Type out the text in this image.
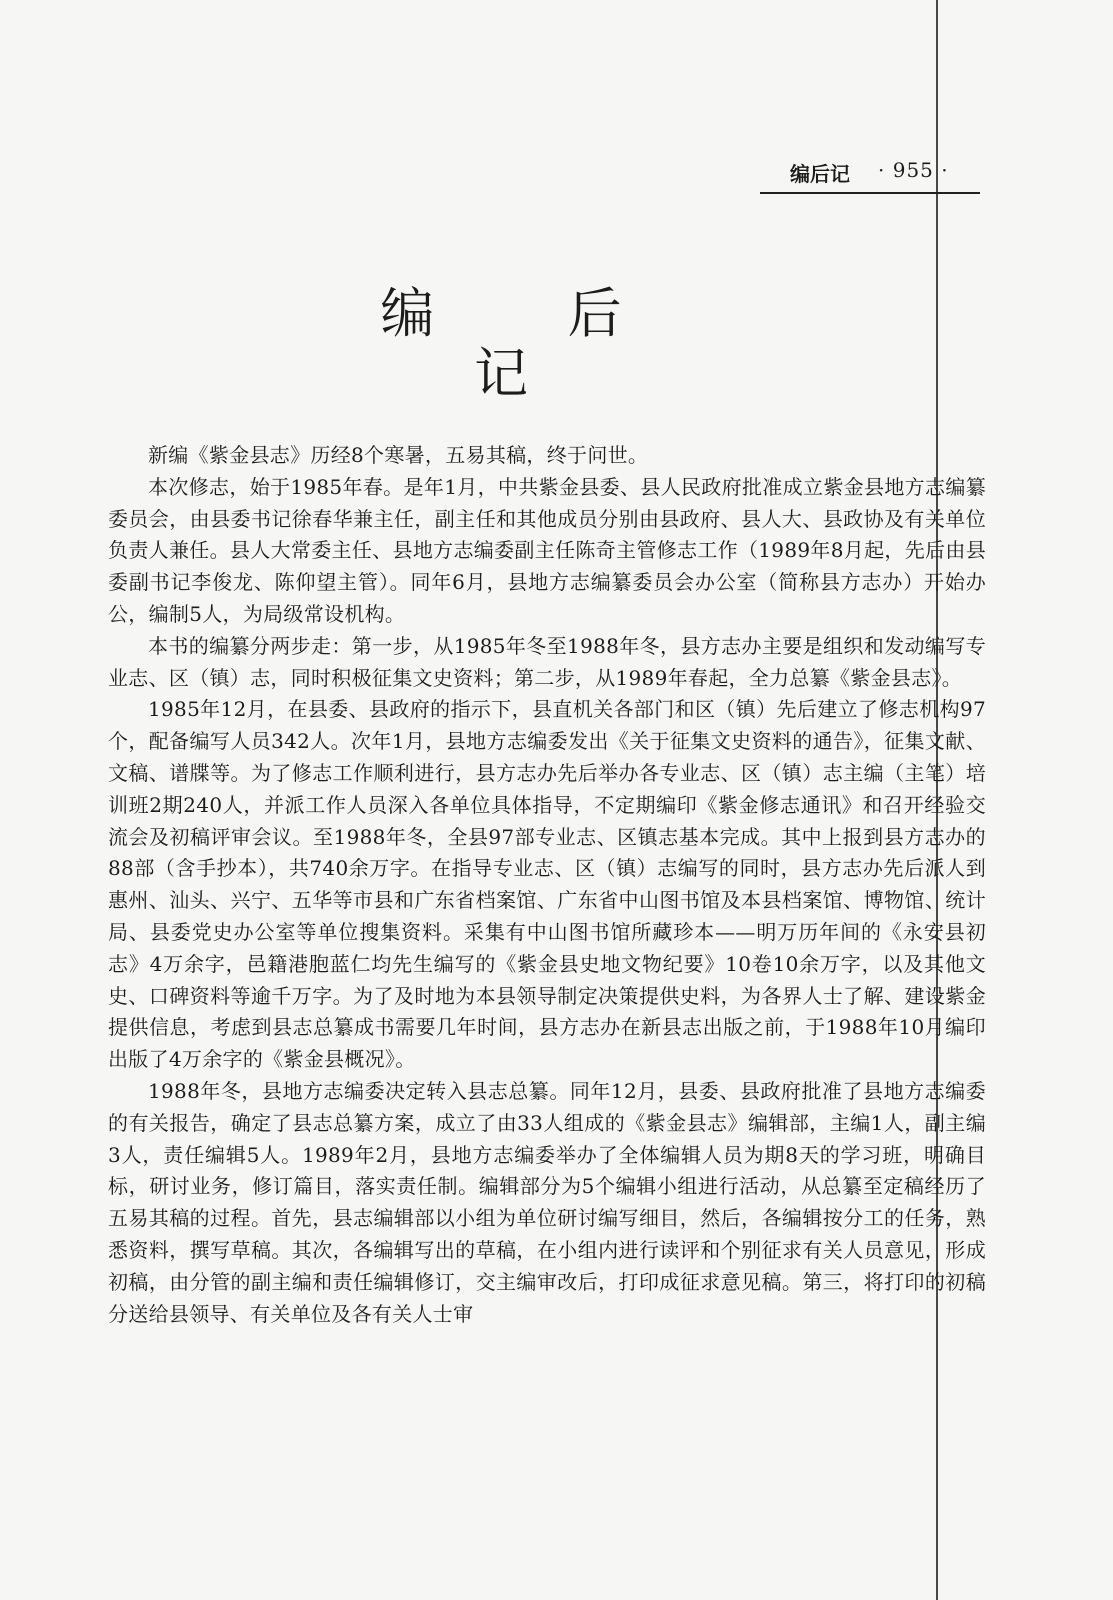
编后记 · 955 ·
编 后 记

新编《紫金县志》历经8个寒暑，五易其稿，终于问世。

本次修志，始于1985年春。是年1月，中共紫金县委、县人民政府批准成立紫金县地方志编纂委员会，由县委书记徐春华兼主任，副主任和其他成员分别由县政府、县人大、县政协及有关单位负责人兼任。县人大常委主任、县地方志编委副主任陈奇主管修志工作（1989年8月起，先后由县委副书记李俊龙、陈仰望主管）。同年6月，县地方志编纂委员会办公室（简称县方志办）开始办公，编制5人，为局级常设机构。

本书的编纂分两步走：第一步，从1985年冬至1988年冬，县方志办主要是组织和发动编写专业志、区（镇）志，同时积极征集文史资料；第二步，从1989年春起，全力总纂《紫金县志》。

1985年12月，在县委、县政府的指示下，县直机关各部门和区（镇）先后建立了修志机构97个，配备编写人员342人。次年1月，县地方志编委发出《关于征集文史资料的通告》，征集文献、文稿、谱牒等。为了修志工作顺利进行，县方志办先后举办各专业志、区（镇）志主编（主笔）培训班2期240人，并派工作人员深入各单位具体指导，不定期编印《紫金修志通讯》和召开经验交流会及初稿评审会议。至1988年冬，全县97部专业志、区镇志基本完成。其中上报到县方志办的88部（含手抄本），共740余万字。在指导专业志、区（镇）志编写的同时，县方志办先后派人到惠州、汕头、兴宁、五华等市县和广东省档案馆、广东省中山图书馆及本县档案馆、博物馆、统计局、县委党史办公室等单位搜集资料。采集有中山图书馆所藏珍本——明万历年间的《永安县初志》4万余字，邑籍港胞蓝仁均先生编写的《紫金县史地文物纪要》10卷10余万字，以及其他文史、口碑资料等逾千万字。为了及时地为本县领导制定决策提供史料，为各界人士了解、建设紫金提供信息，考虑到县志总纂成书需要几年时间，县方志办在新县志出版之前，于1988年10月编印出版了4万余字的《紫金县概况》。

1988年冬，县地方志编委决定转入县志总纂。同年12月，县委、县政府批准了县地方志编委的有关报告，确定了县志总纂方案，成立了由33人组成的《紫金县志》编辑部，主编1人，副主编3人，责任编辑5人。1989年2月，县地方志编委举办了全体编辑人员为期8天的学习班，明确目标，研讨业务，修订篇目，落实责任制。编辑部分为5个编辑小组进行活动，从总纂至定稿经历了五易其稿的过程。首先，县志编辑部以小组为单位研讨编写细目，然后，各编辑按分工的任务，熟悉资料，撰写草稿。其次，各编辑写出的草稿，在小组内进行读评和个别征求有关人员意见，形成初稿，由分管的副主编和责任编辑修订，交主编审改后，打印成征求意见稿。第三，将打印的初稿分送给县领导、有关单位及各有关人士审
